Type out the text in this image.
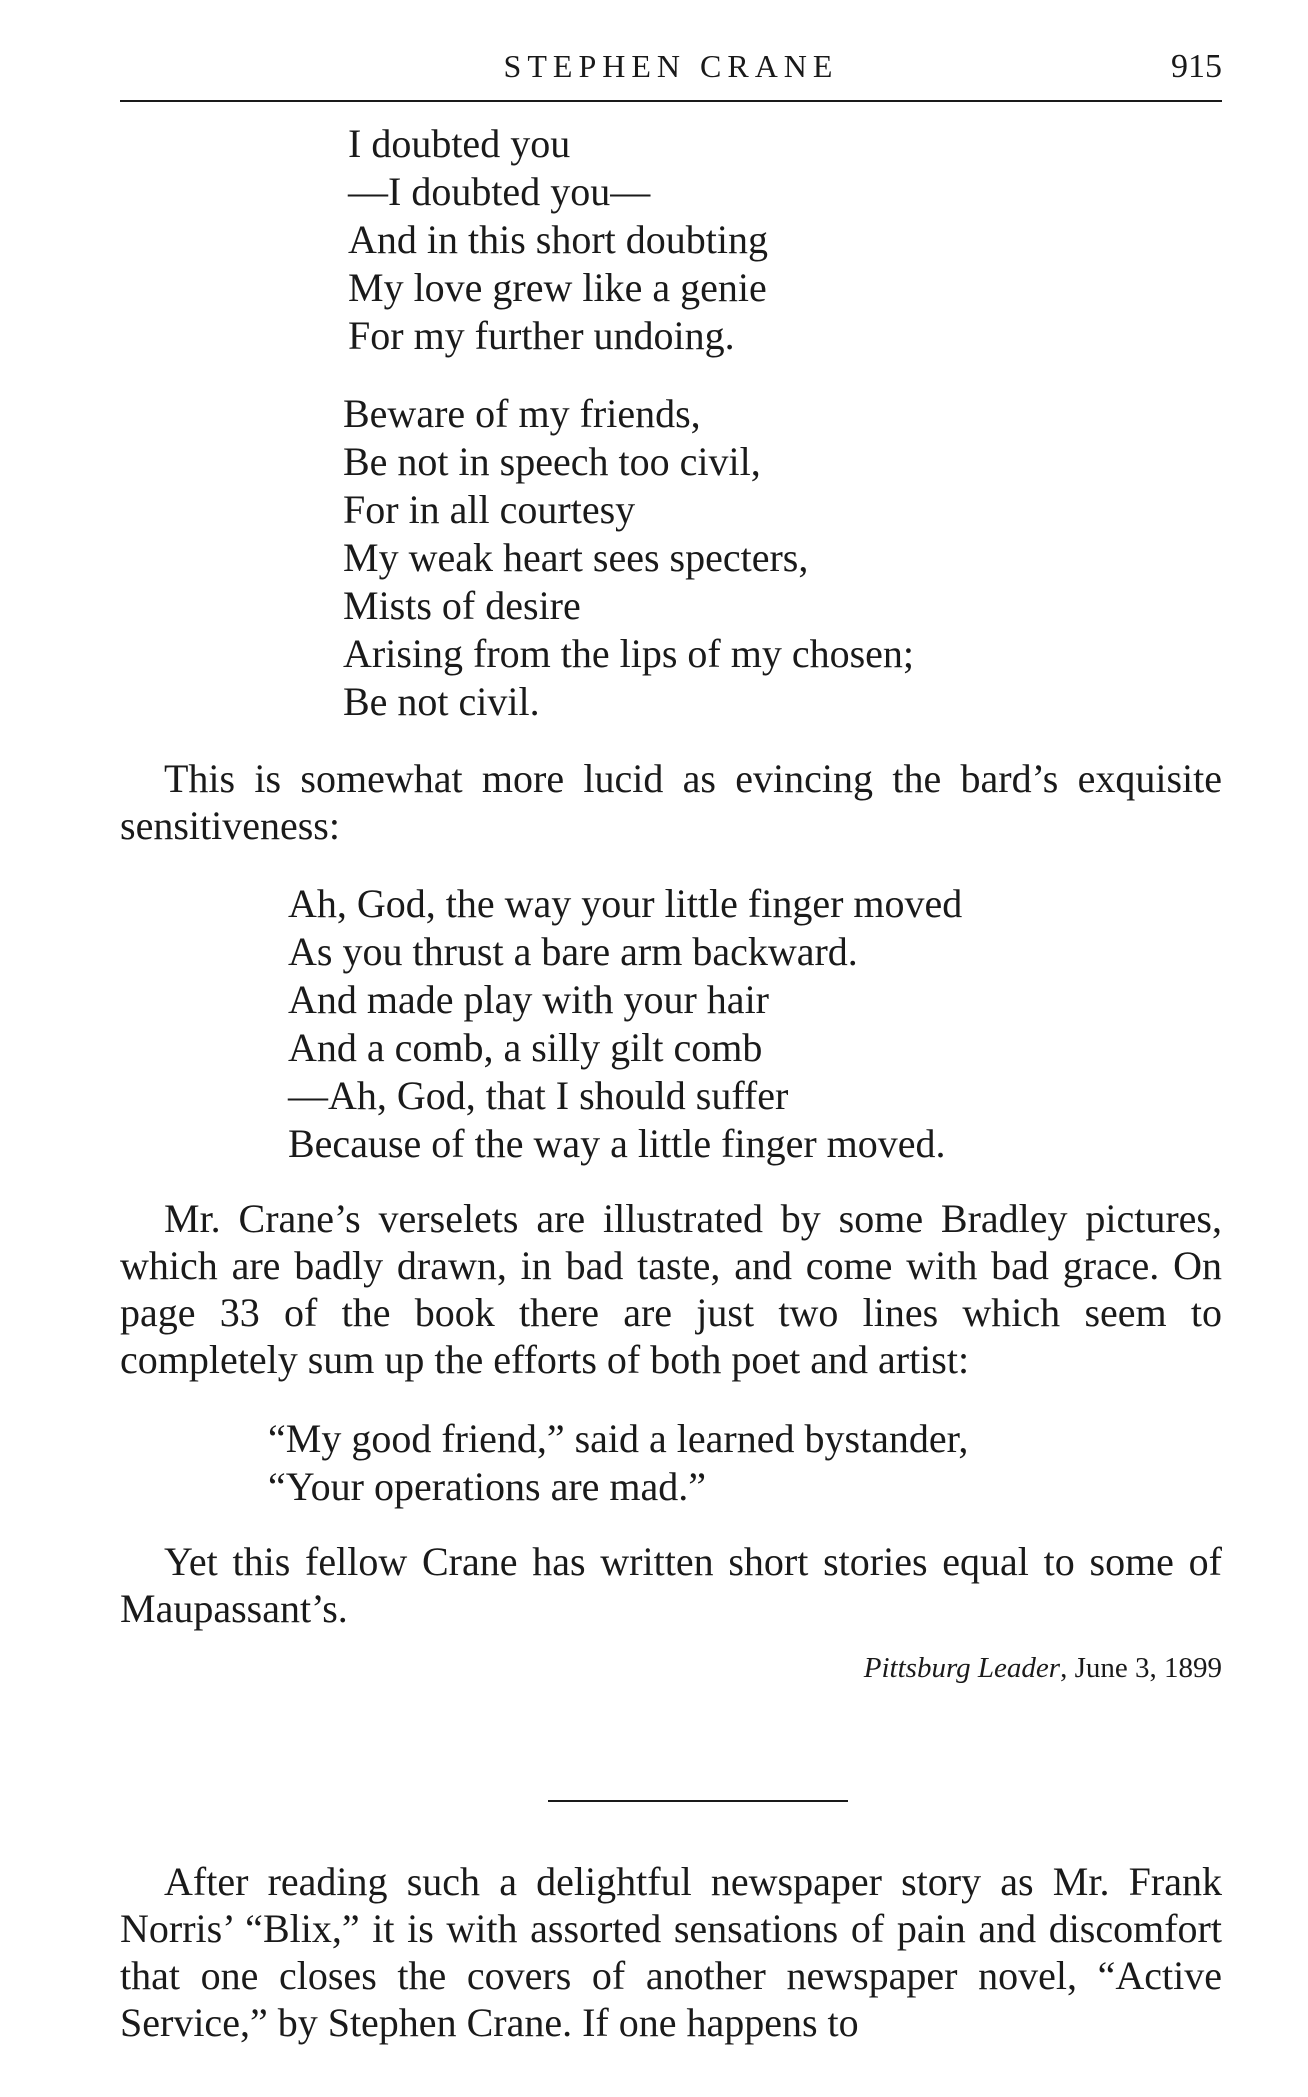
STEPHEN CRANE	915
I doubted you
—I doubted you—
And in this short doubting
My love grew like a genie
For my further undoing.
Beware of my friends,
Be not in speech too civil,
For in all courtesy
My weak heart sees specters,
Mists of desire
Arising from the lips of my chosen;
Be not civil.

This is somewhat more lucid as evincing the bard’s exquisite sensitiveness:

Ah, God, the way your little finger moved
As you thrust a bare arm backward.
And made play with your hair
And a comb, a silly gilt comb
—Ah, God, that I should suffer
Because of the way a little finger moved.

Mr. Crane’s verselets are illustrated by some Bradley pictures, which are badly drawn, in bad taste, and come with bad grace. On page 33 of the book there are just two lines which seem to completely sum up the efforts of both poet and artist:

“My good friend,” said a learned bystander,
“Your operations are mad.”

Yet this fellow Crane has written short stories equal to some of Maupassant’s.

Pittsburg Leader, June 3, 1899

After reading such a delightful newspaper story as Mr. Frank Norris’ “Blix,” it is with assorted sensations of pain and discomfort that one closes the covers of another newspaper novel, “Active Service,” by Stephen Crane. If one happens to
